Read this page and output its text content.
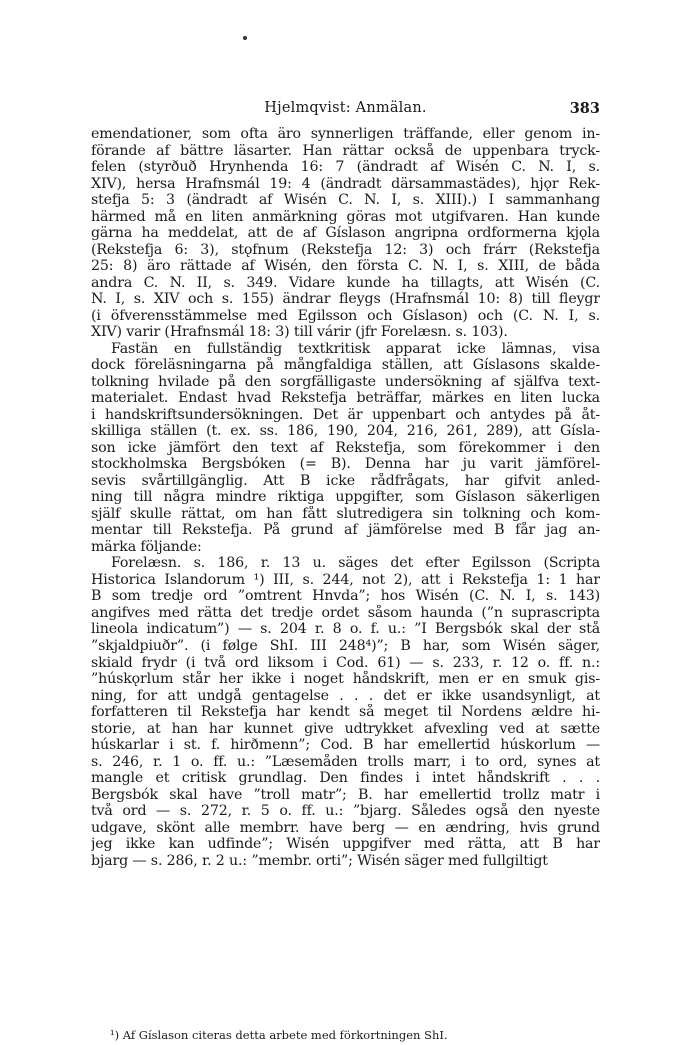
Hjelmqvist: Anmälan.	383
emendationer, som ofta äro synnerligen träffande, eller genom in-
förande af bättre läsarter. Han rättar också de uppenbara tryck-
felen (styrðuð Hrynhenda 16: 7 (ändradt af Wisén C. N. I, s.
XIV), hersa Hrafnsmál 19: 4 (ändradt därsammastädes), hjǫr Rek-
stefja 5: 3 (ändradt af Wisén C. N. I, s. XIII).) I sammanhang
härmed må en liten anmärkning göras mot utgifvaren. Han kunde
gärna ha meddelat, att de af Gíslason angripna ordformerna kjǫla
(Rekstefja 6: 3), stǫfnum (Rekstefja 12: 3) och frárr (Rekstefja
25: 8) äro rättade af Wisén, den första C. N. I, s. XIII, de båda
andra C. N. II, s. 349. Vidare kunde ha tillagts, att Wisén (C.
N. I, s. XIV och s. 155) ändrar fleygs (Hrafnsmál 10: 8) till fleygr
(i öfverensstämmelse med Egilsson och Gíslason) och (C. N. I, s.
XIV) varir (Hrafnsmál 18: 3) till várir (jfr Forelæsn. s. 103).
Fastän en fullständig textkritisk apparat icke lämnas, visa
dock föreläsningarna på mångfaldiga ställen, att Gíslasons skalde-
tolkning hvilade på den sorgfälligaste undersökning af själfva text-
materialet. Endast hvad Rekstefja beträffar, märkes en liten lucka
i handskriftsundersökningen. Det är uppenbart och antydes på åt-
skilliga ställen (t. ex. ss. 186, 190, 204, 216, 261, 289), att Gísla-
son icke jämfört den text af Rekstefja, som förekommer i den
stockholmska Bergsbóken (= B). Denna har ju varit jämförel-
sevis svårtillgänglig. Att B icke rådfrågats, har gifvit anled-
ning till några mindre riktiga uppgifter, som Gíslason säkerligen
själf skulle rättat, om han fått slutredigera sin tolkning och kom-
mentar till Rekstefja. På grund af jämförelse med B får jag an-
märka följande:
Forelæsn. s. 186, r. 13 u. säges det efter Egilsson (Scripta
Historica Islandorum ¹) III, s. 244, not 2), att i Rekstefja 1: 1 har
B som tredje ord ”omtrent Hnvda”; hos Wisén (C. N. I, s. 143)
angifves med rätta det tredje ordet såsom haunda (”n suprascripta
lineola indicatum”) — s. 204 r. 8 o. f. u.: ”I Bergsbók skal der stå
”skjaldpiuðr”. (i følge ShI. III 248⁴)”; B har, som Wisén säger,
skiald frydr (i två ord liksom i Cod. 61) — s. 233, r. 12 o. ff. n.:
”húskǫrlum står her ikke i noget håndskrift, men er en smuk gis-
ning, for att undgå gentagelse . . . det er ikke usandsynligt, at
forfatteren til Rekstefja har kendt så meget til Nordens ældre hi-
storie, at han har kunnet give udtrykket afvexling ved at sætte
húskarlar i st. f. hirðmenn”; Cod. B har emellertid húskorlum —
s. 246, r. 1 o. ff. u.: ”Læsemåden trolls marr, i to ord, synes at
mangle et critisk grundlag. Den findes i intet håndskrift . . .
Bergsbók skal have ”troll matr”; B. har emellertid trollz matr i
två ord — s. 272, r. 5 o. ff. u.: ”bjarg. Således også den nyeste
udgave, skönt alle membrr. have berg — en ændring, hvis grund
jeg ikke kan udfinde”; Wisén uppgifver med rätta, att B har
bjarg — s. 286, r. 2 u.: ”membr. orti”; Wisén säger med fullgiltigt
¹) Af Gíslason citeras detta arbete med förkortningen ShI.
